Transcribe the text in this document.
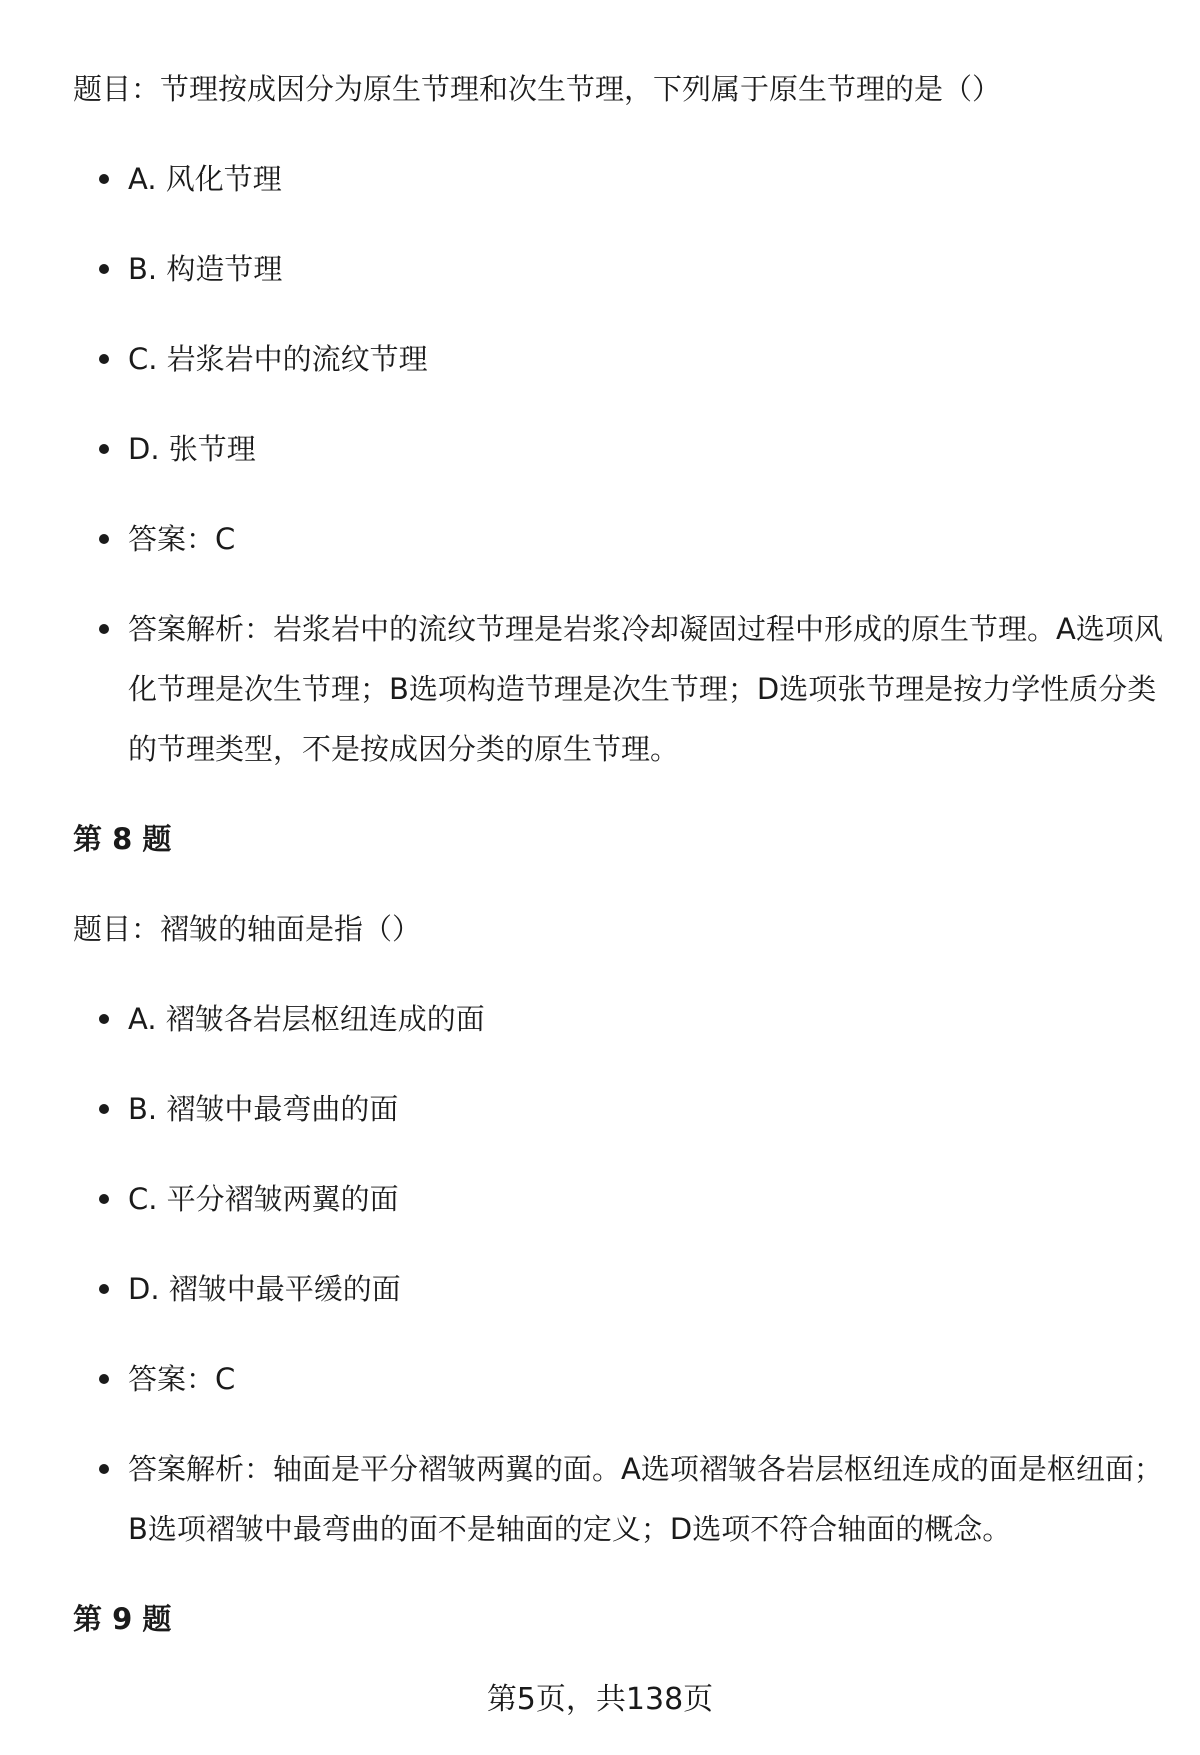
题目：节理按成因分为原生节理和次生节理，下列属于原生节理的是（）

A. 风化节理
B. 构造节理
C. 岩浆岩中的流纹节理
D. 张节理
答案：C
答案解析：岩浆岩中的流纹节理是岩浆冷却凝固过程中形成的原生节理。A选项风化节理是次生节理；B选项构造节理是次生节理；D选项张节理是按力学性质分类的节理类型，不是按成因分类的原生节理。

第 8 题

题目：褶皱的轴面是指（）

A. 褶皱各岩层枢纽连成的面
B. 褶皱中最弯曲的面
C. 平分褶皱两翼的面
D. 褶皱中最平缓的面
答案：C
答案解析：轴面是平分褶皱两翼的面。A选项褶皱各岩层枢纽连成的面是枢纽面；B选项褶皱中最弯曲的面不是轴面的定义；D选项不符合轴面的概念。

第 9 题

第5页，共138页
